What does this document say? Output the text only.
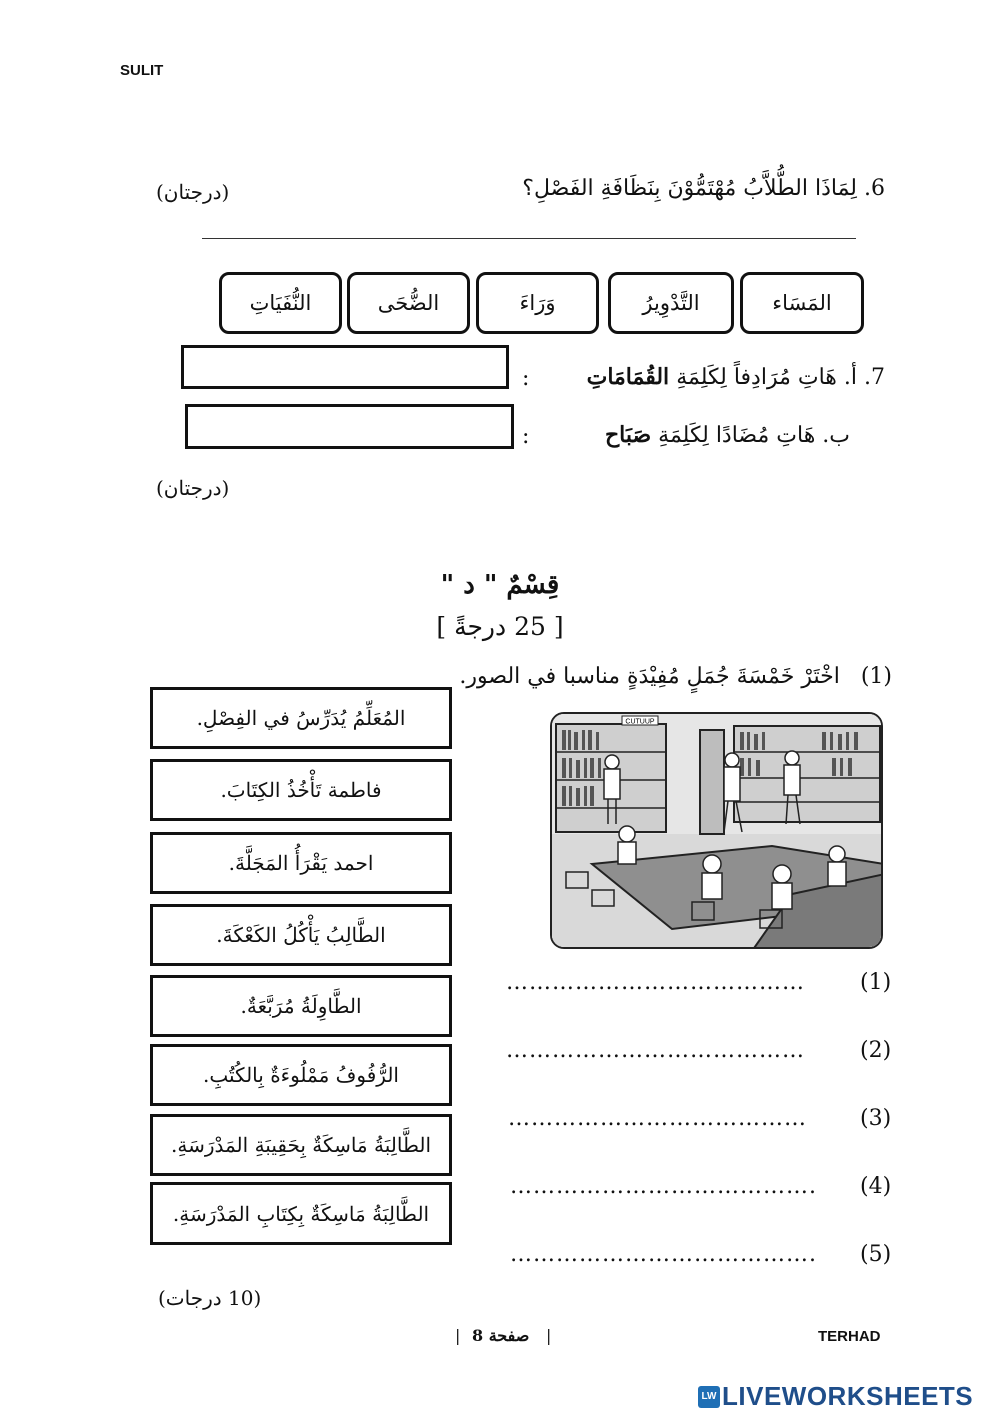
SULIT
6. لِمَاذَا الطُّلاَّبُ مُهْتَمُّوْنَ بِنَظَافَةِ الفَصْلِ؟
(درجتان)
المَسَاء
التَّدْوِيرُ
وَرَاءَ
الضُّحَى
النُّفَيَاتِ
7. أ. هَاتِ مُرَادِفاً لِكَلِمَةِ القُمَامَاتِ
:
ب. هَاتِ مُضَادًا لِكَلِمَةِ صَبَاح
:
(درجتان)
قِسْمٌ " د "
[ 25 درجةً ]
(1)   اخْتَرْ خَمْسَةَ جُمَلٍ مُفِيْدَةٍ مناسبا في الصور.
المُعَلِّمُ يُدَرِّسُ في الفِصْلِ.
فاطمة تَأْخُذُ الكِتَابَ.
احمد يَقْرَأُ المَجَلَّةَ.
الطَّالِبُ يَأْكُلُ الكَعْكَةَ.
الطَّاوِلَةُ مُرَبَّعَةٌ.
الرُّفُوفُ مَمْلُوءَةٌ بِالكُتُبِ.
الطَّالِبَةُ مَاسِكَةٌ بِحَقِيبَةِ المَدْرَسَةِ.
الطَّالِبَةُ مَاسِكَةٌ بِكِتَابِ المَدْرَسَةِ.
CUTUUP
…………………………………	(1)
…………………………………	(2)
………………………………… (3)
…………………………………. (4)
…………………………………. (5)
(10 درجات)
| صفحة 8 |	TERHAD
LW LIVEWORKSHEETS
